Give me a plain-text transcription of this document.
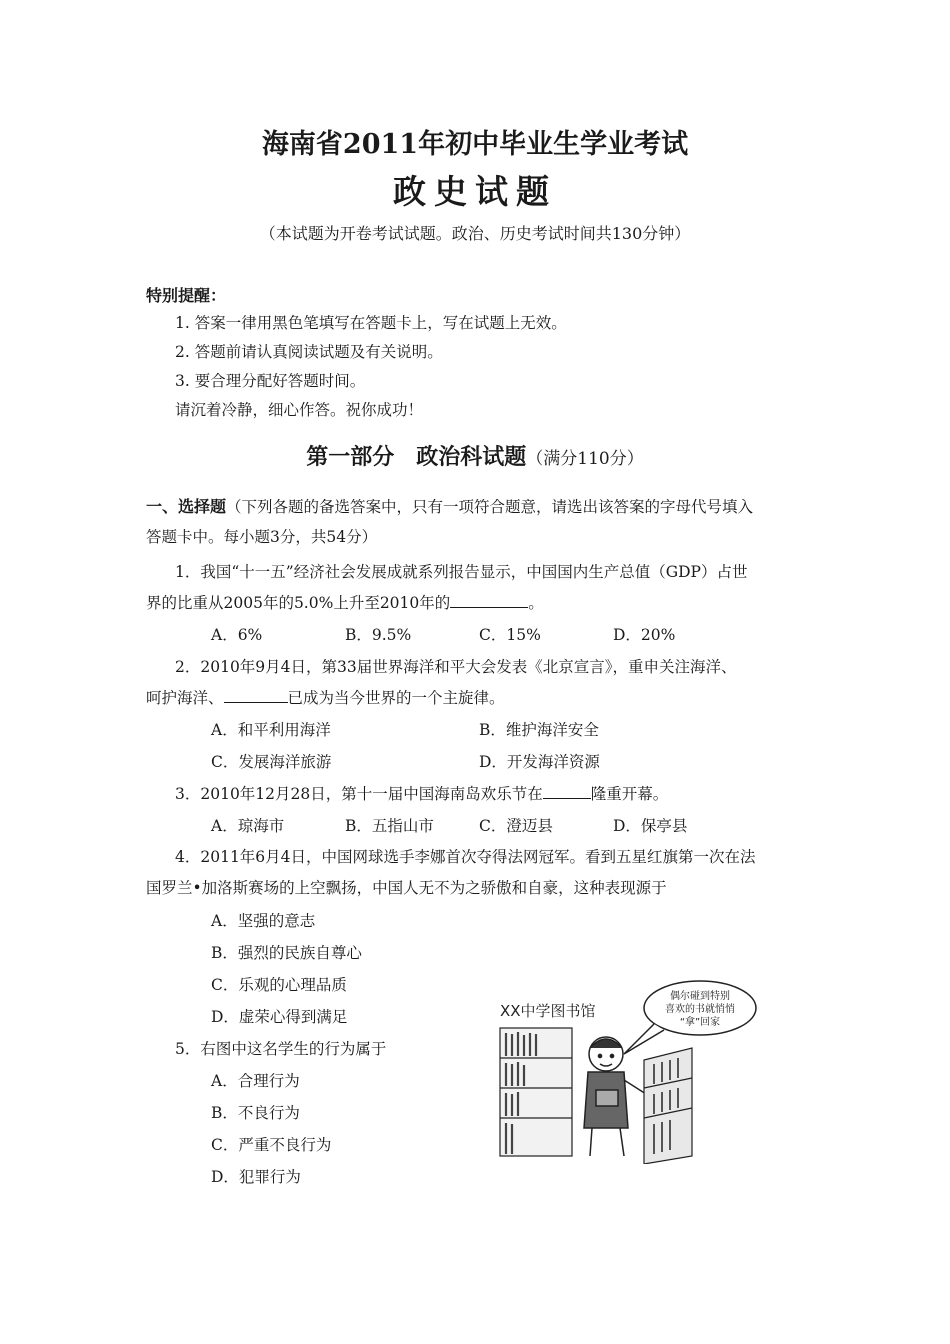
海南省2011年初中毕业生学业考试
政史试题
（本试题为开卷考试试题。政治、历史考试时间共130分钟）
特别提醒：
1. 答案一律用黑色笔填写在答题卡上，写在试题上无效。
2. 答题前请认真阅读试题及有关说明。
3. 要合理分配好答题时间。
请沉着冷静，细心作答。祝你成功！
第一部分　政治科试题（满分110分）
一、选择题（下列各题的备选答案中，只有一项符合题意，请选出该答案的字母代号填入
答题卡中。每小题3分，共54分）
1．我国“十一五”经济社会发展成就系列报告显示，中国国内生产总值（GDP）占世
界的比重从2005年的5.0%上升至2010年的	。
A．6%	B．9.5%	C．15%	D．20%
2．2010年9月4日，第33届世界海洋和平大会发表《北京宣言》，重申关注海洋、
呵护海洋、	已成为当今世界的一个主旋律。
A．和平利用海洋	B．维护海洋安全
C．发展海洋旅游	D．开发海洋资源
3．2010年12月28日，第十一届中国海南岛欢乐节在	隆重开幕。
A．琼海市	B．五指山市	C．澄迈县	D．保亭县
4．2011年6月4日，中国网球选手李娜首次夺得法网冠军。看到五星红旗第一次在法
国罗兰•加洛斯赛场的上空飘扬，中国人无不为之骄傲和自豪，这种表现源于
A．坚强的意志
B．强烈的民族自尊心
C．乐观的心理品质
D．虚荣心得到满足
5．右图中这名学生的行为属于
A．合理行为
B．不良行为
C．严重不良行为
D．犯罪行为
XX中学图书馆
偶尔碰到特别
喜欢的书就悄悄
“拿”回家
